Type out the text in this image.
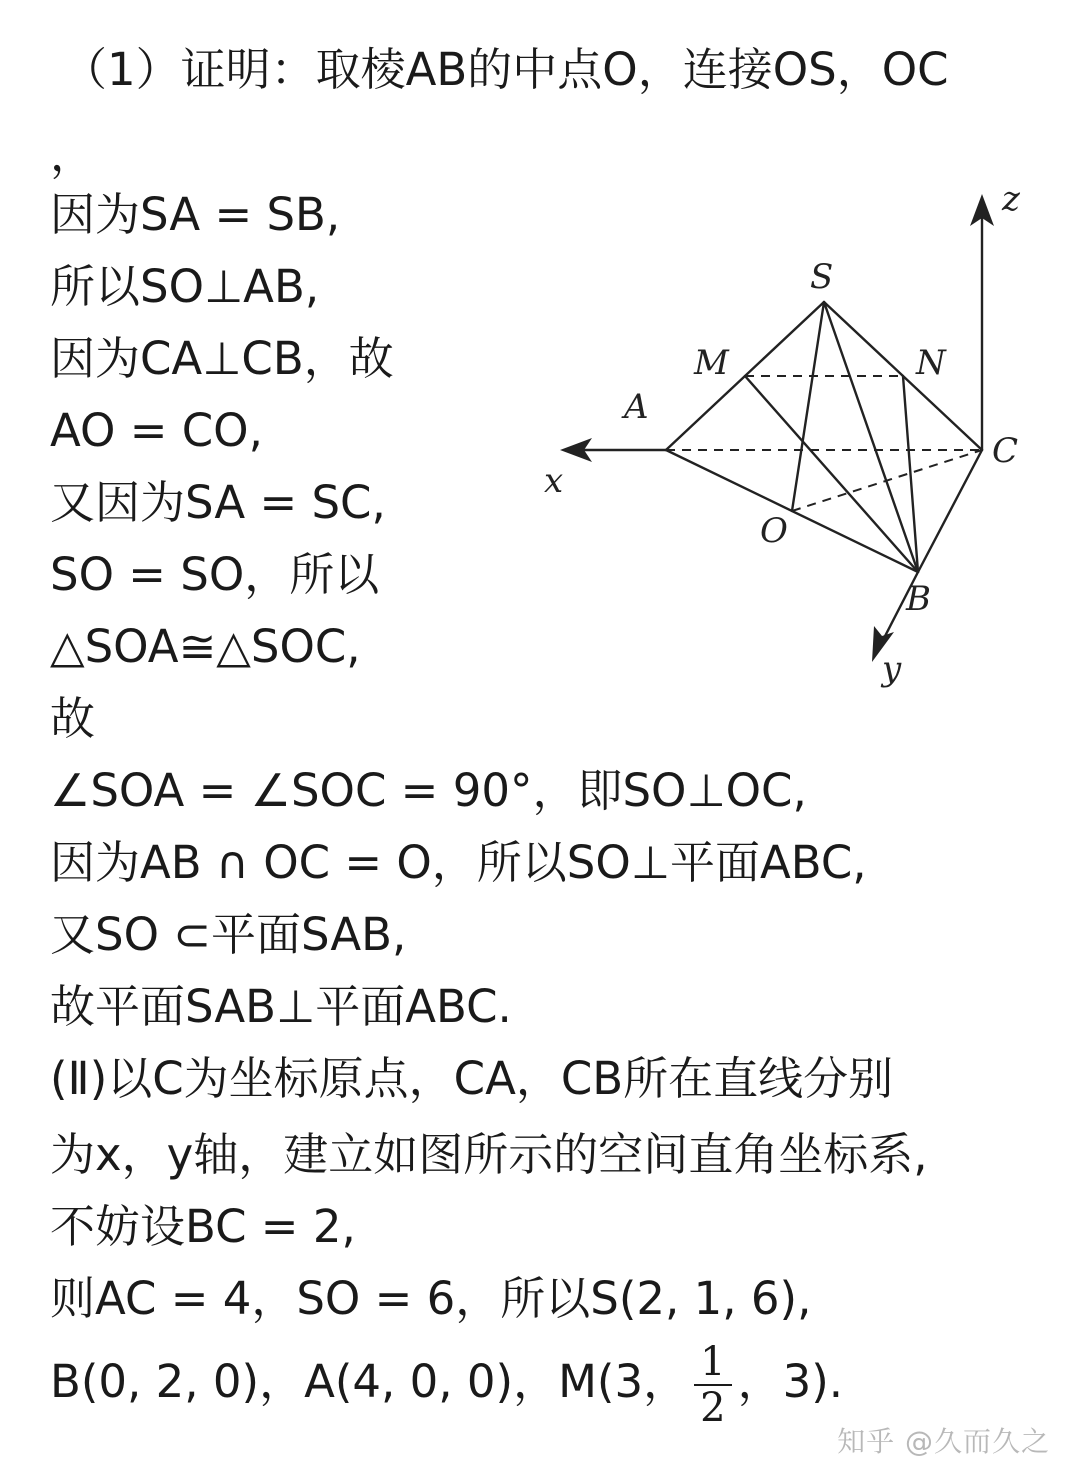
（1）证明：取棱AB的中点O，连接OS，OC
，
因为SA = SB,
所以SO⊥AB,
因为CA⊥CB，故
AO = CO,
又因为SA = SC,
SO = SO，所以
△SOA≅△SOC,
故
∠SOA = ∠SOC = 90°，即SO⊥OC,
因为AB ∩ OC = O，所以SO⊥平面ABC,
又SO ⊂平面SAB,
故平面SAB⊥平面ABC.
(Ⅱ)以C为坐标原点，CA，CB所在直线分别
为x，y轴，建立如图所示的空间直角坐标系,
不妨设BC = 2,
则AC = 4，SO = 6，所以S(2, 1, 6),
B(0, 2, 0)，A(4, 0, 0)，M(3， $\frac{1}{2}$ ，3).
z
x
y
S
M	N
A
C
O
B
知乎 @久而久之
